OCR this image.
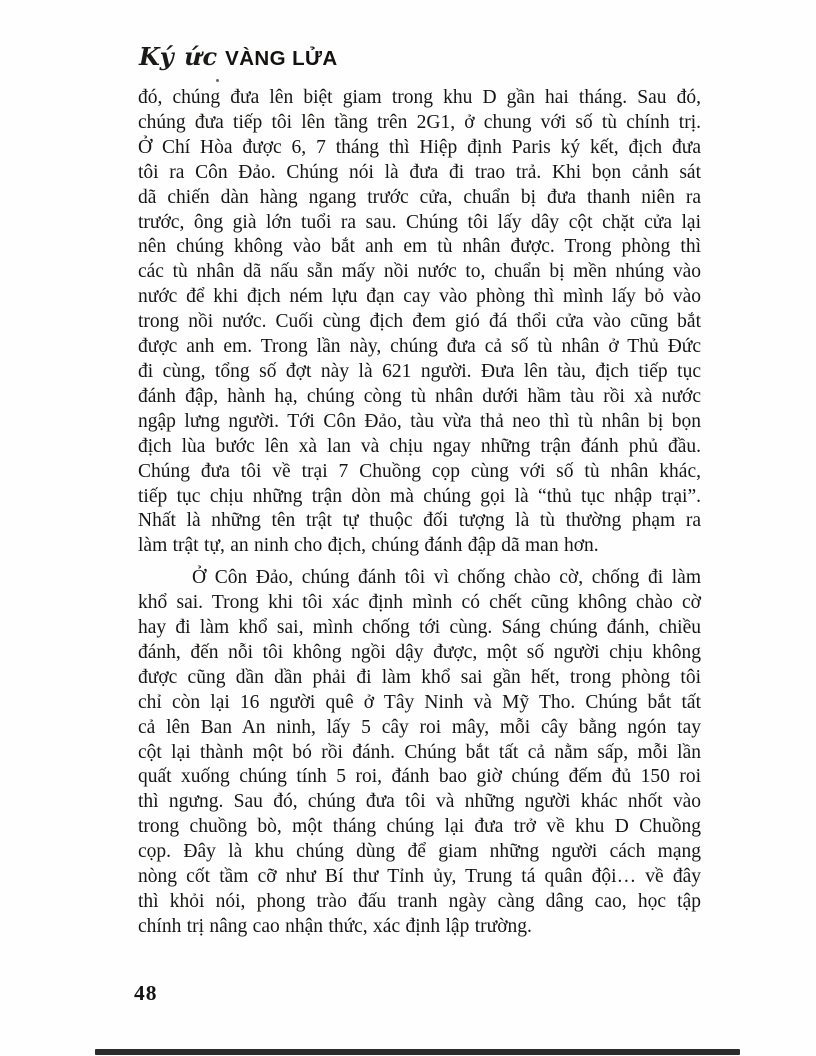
Ký ức VÀNG LỬA
đó, chúng đưa lên biệt giam trong khu D gần hai tháng. Sau đó,
chúng đưa tiếp tôi lên tầng trên 2G1, ở chung với số tù chính trị.
Ở Chí Hòa được 6, 7 tháng thì Hiệp định Paris ký kết, địch đưa
tôi ra Côn Đảo. Chúng nói là đưa đi trao trả. Khi bọn cảnh sát
dã chiến dàn hàng ngang trước cửa, chuẩn bị đưa thanh niên ra
trước, ông già lớn tuổi ra sau. Chúng tôi lấy dây cột chặt cửa lại
nên chúng không vào bắt anh em tù nhân được. Trong phòng thì
các tù nhân dã nấu sẵn mấy nồi nước to, chuẩn bị mền nhúng vào
nước để khi địch ném lựu đạn cay vào phòng thì mình lấy bỏ vào
trong nồi nước. Cuối cùng địch đem gió đá thổi cửa vào cũng bắt
được anh em. Trong lần này, chúng đưa cả số tù nhân ở Thủ Đức
đi cùng, tổng số đợt này là 621 người. Đưa lên tàu, địch tiếp tục
đánh đập, hành hạ, chúng còng tù nhân dưới hầm tàu rồi xà nước
ngập lưng người. Tới Côn Đảo, tàu vừa thả neo thì tù nhân bị bọn
địch lùa bước lên xà lan và chịu ngay những trận đánh phủ đầu.
Chúng đưa tôi về trại 7 Chuồng cọp cùng với số tù nhân khác,
tiếp tục chịu những trận dòn mà chúng gọi là “thủ tục nhập trại”.
Nhất là những tên trật tự thuộc đối tượng là tù thường phạm ra
làm trật tự, an ninh cho địch, chúng đánh đập dã man hơn.
Ở Côn Đảo, chúng đánh tôi vì chống chào cờ, chống đi làm
khổ sai. Trong khi tôi xác định mình có chết cũng không chào cờ
hay đi làm khổ sai, mình chống tới cùng. Sáng chúng đánh, chiều
đánh, đến nỗi tôi không ngồi dậy được, một số người chịu không
được cũng dần dần phải đi làm khổ sai gần hết, trong phòng tôi
chỉ còn lại 16 người quê ở Tây Ninh và Mỹ Tho. Chúng bắt tất
cả lên Ban An ninh, lấy 5 cây roi mây, mỗi cây bằng ngón tay
cột lại thành một bó rồi đánh. Chúng bắt tất cả nằm sấp, mỗi lần
quất xuống chúng tính 5 roi, đánh bao giờ chúng đếm đủ 150 roi
thì ngưng. Sau đó, chúng đưa tôi và những người khác nhốt vào
trong chuồng bò, một tháng chúng lại đưa trở về khu D Chuồng
cọp. Đây là khu chúng dùng để giam những người cách mạng
nòng cốt tầm cỡ như Bí thư Tỉnh ủy, Trung tá quân đội… về đây
thì khỏi nói, phong trào đấu tranh ngày càng dâng cao, học tập
chính trị nâng cao nhận thức, xác định lập trường.
48
